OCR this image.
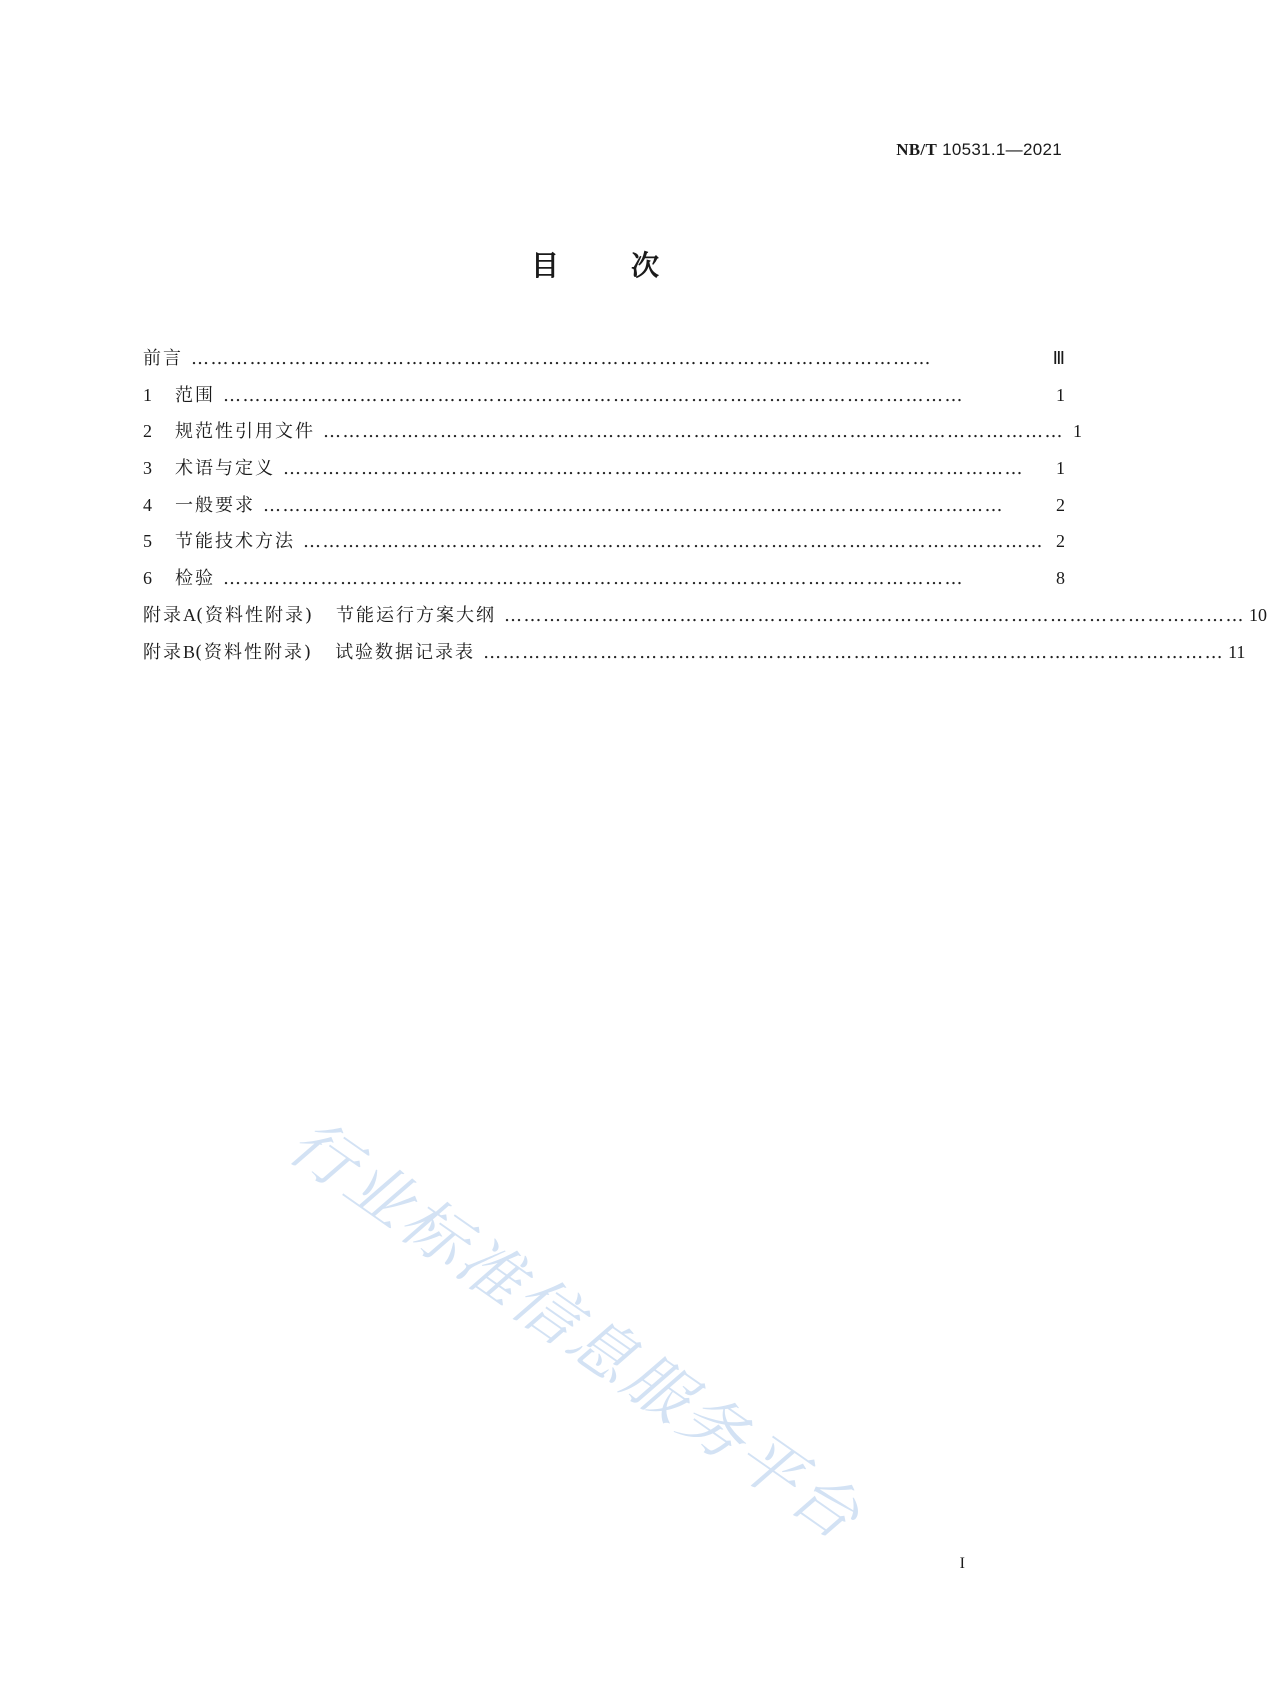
NB/T 10531.1—2021
目	次
前言 ……………………………………………………………………………………………………	Ⅲ
1	范围 ……………………………………………………………………………………………………	1
2	规范性引用文件 …………………………………………………………………………………………………… 1
3	术语与定义 ……………………………………………………………………………………………………	1
4	一般要求 ……………………………………………………………………………………………………	2
5	节能技术方法 …………………………………………………………………………………………………… 2
6	检验 ……………………………………………………………………………………………………	8
附录A(资料性附录) 节能运行方案大纲 …………………………………………………………………………………………………… 10
附录B(资料性附录) 试验数据记录表 …………………………………………………………………………………………………… 11
行业标准信息服务平台
I
